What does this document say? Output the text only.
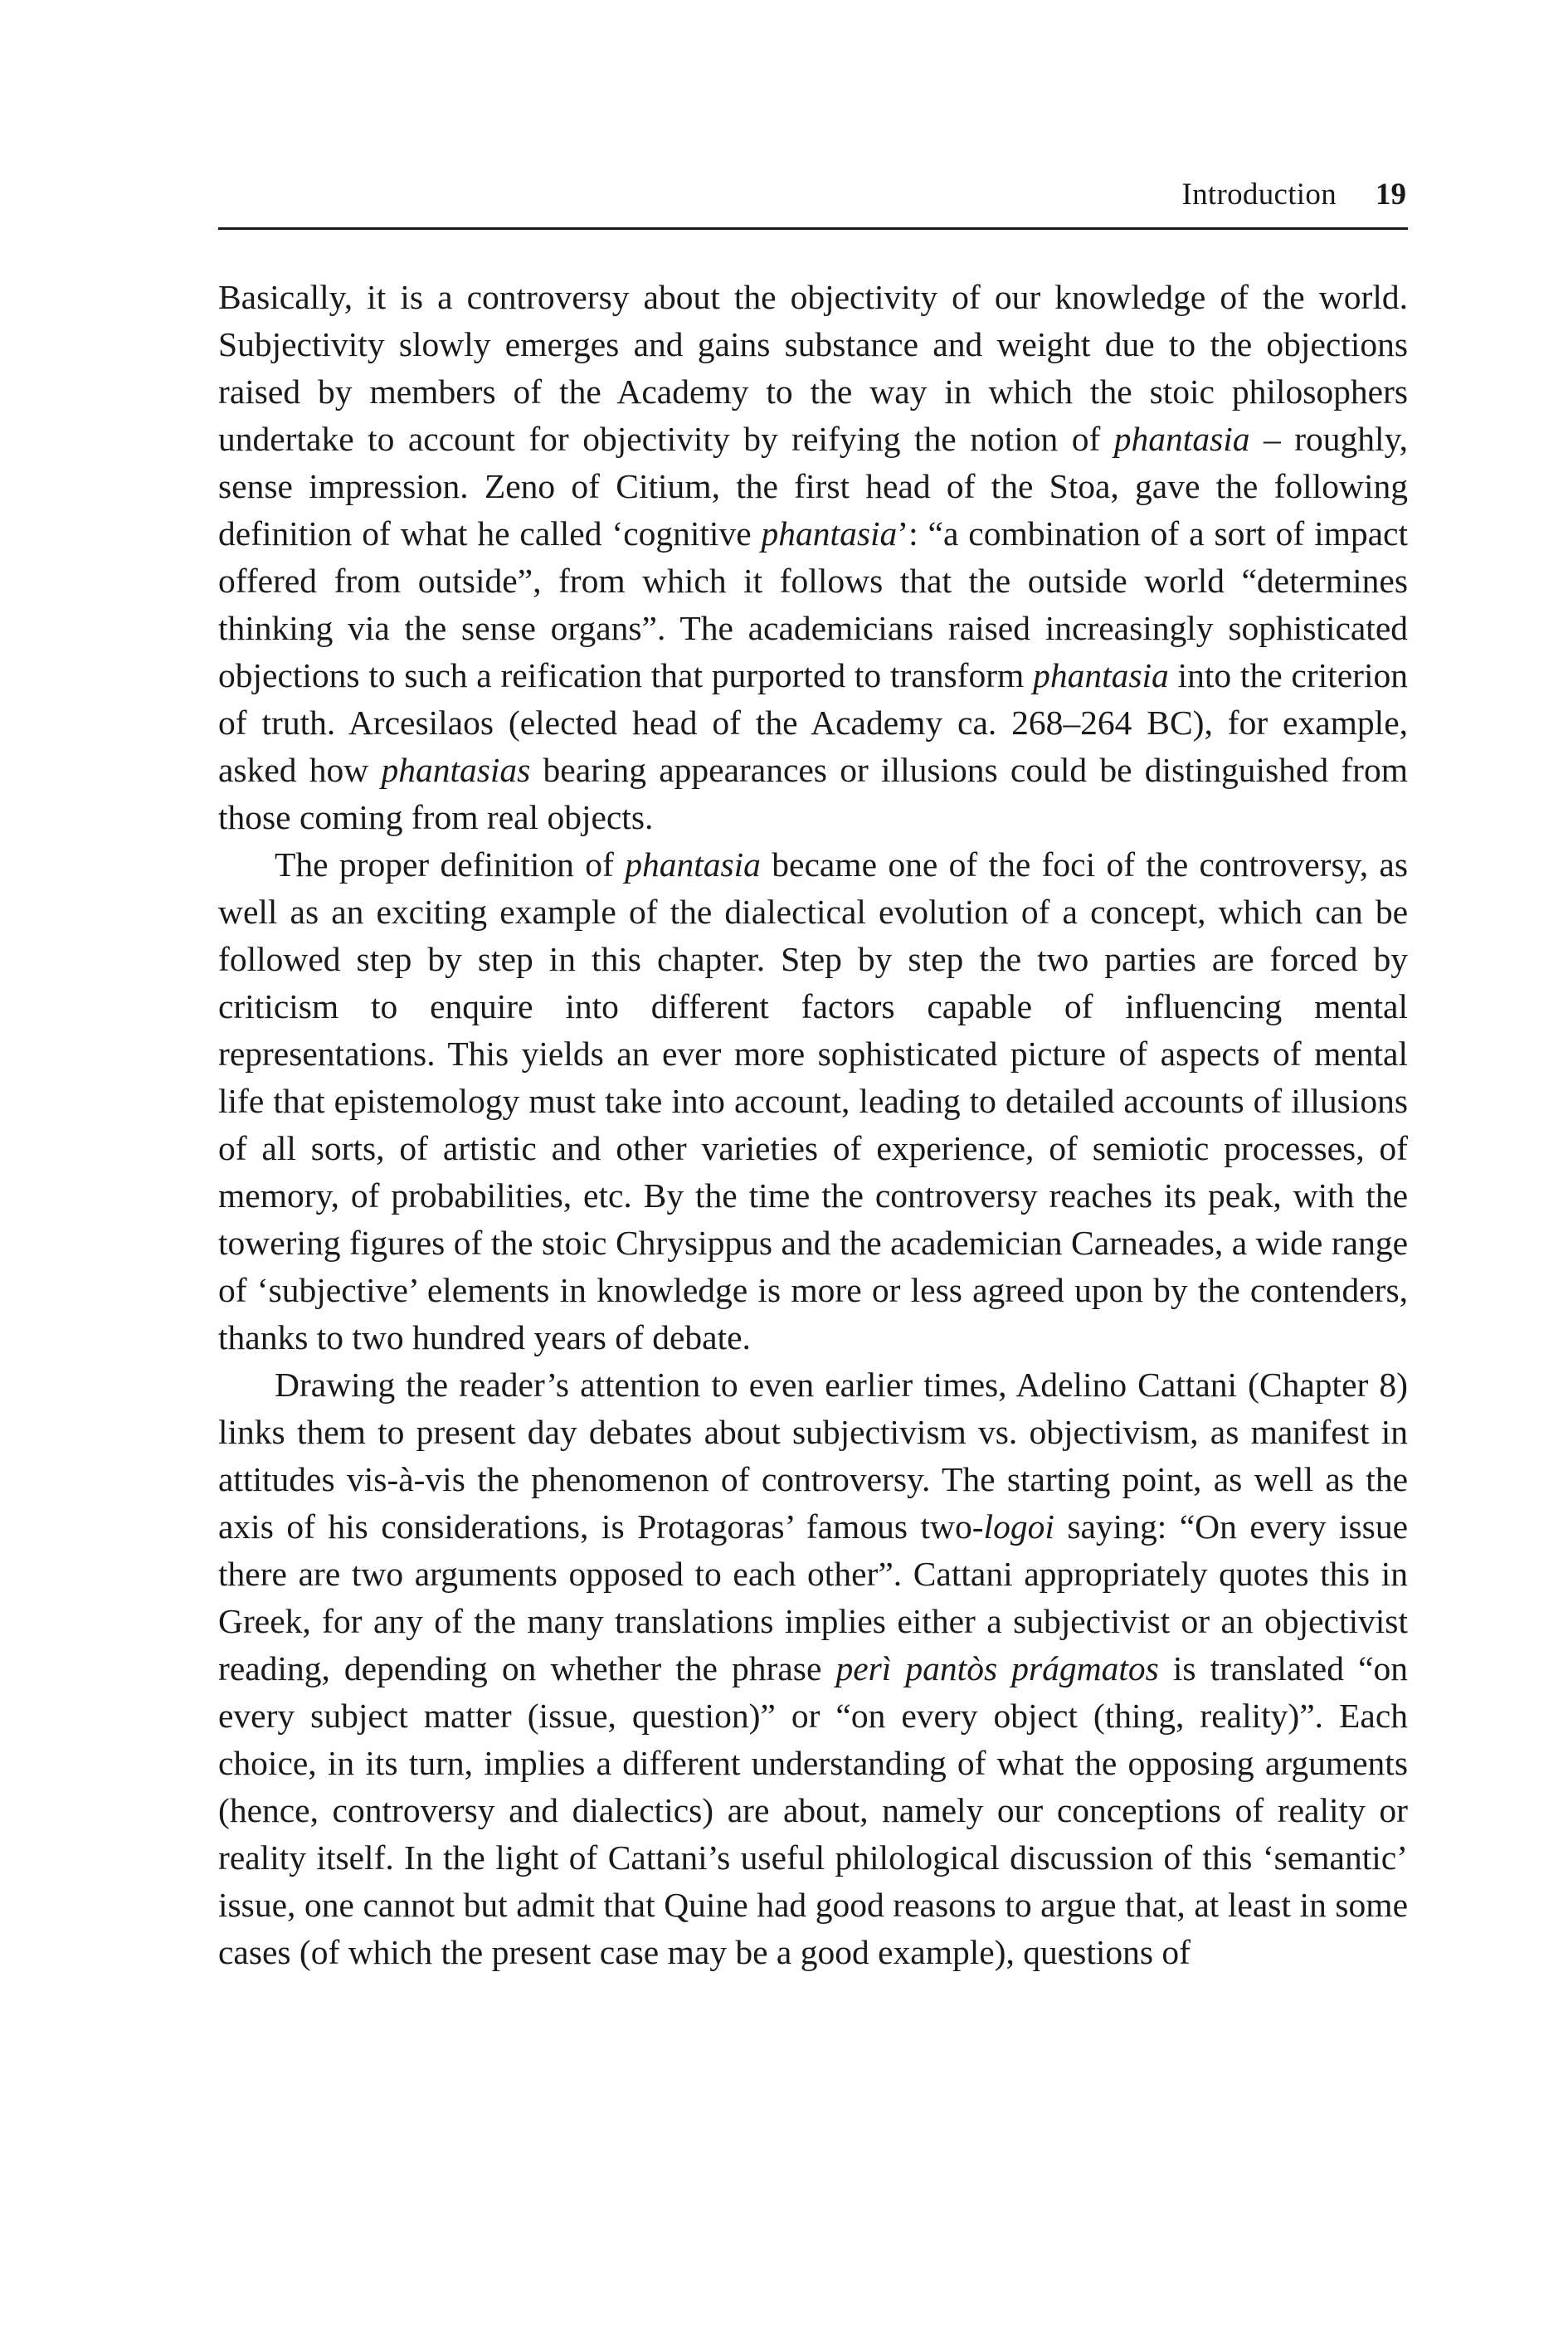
Introduction 19

Basically, it is a controversy about the objectivity of our knowledge of the world. Subjectivity slowly emerges and gains substance and weight due to the objections raised by members of the Academy to the way in which the stoic philosophers undertake to account for objectivity by reifying the notion of phantasia – roughly, sense impression. Zeno of Citium, the first head of the Stoa, gave the following definition of what he called ‘cognitive phantasia’: “a combination of a sort of impact offered from outside”, from which it follows that the outside world “determines thinking via the sense organs”. The academicians raised increasingly sophisticated objections to such a reification that purported to transform phantasia into the criterion of truth. Arcesilaos (elected head of the Academy ca. 268–264 BC), for example, asked how phantasias bearing appearances or illusions could be distinguished from those coming from real objects.

The proper definition of phantasia became one of the foci of the controversy, as well as an exciting example of the dialectical evolution of a concept, which can be followed step by step in this chapter. Step by step the two parties are forced by criticism to enquire into different factors capable of influencing mental representations. This yields an ever more sophisticated picture of aspects of mental life that epistemology must take into account, leading to detailed accounts of illusions of all sorts, of artistic and other varieties of experience, of semiotic processes, of memory, of probabilities, etc. By the time the controversy reaches its peak, with the towering figures of the stoic Chrysippus and the academician Carneades, a wide range of ‘subjective’ elements in knowledge is more or less agreed upon by the contenders, thanks to two hundred years of debate.

Drawing the reader’s attention to even earlier times, Adelino Cattani (Chapter 8) links them to present day debates about subjectivism vs. objectivism, as manifest in attitudes vis-à-vis the phenomenon of controversy. The starting point, as well as the axis of his considerations, is Protagoras’ famous two-logoi saying: “On every issue there are two arguments opposed to each other”. Cattani appropriately quotes this in Greek, for any of the many translations implies either a subjectivist or an objectivist reading, depending on whether the phrase perì pantòs prágmatos is translated “on every subject matter (issue, question)” or “on every object (thing, reality)”. Each choice, in its turn, implies a different understanding of what the opposing arguments (hence, controversy and dialectics) are about, namely our conceptions of reality or reality itself. In the light of Cattani’s useful philological discussion of this ‘semantic’ issue, one cannot but admit that Quine had good reasons to argue that, at least in some cases (of which the present case may be a good example), questions of
